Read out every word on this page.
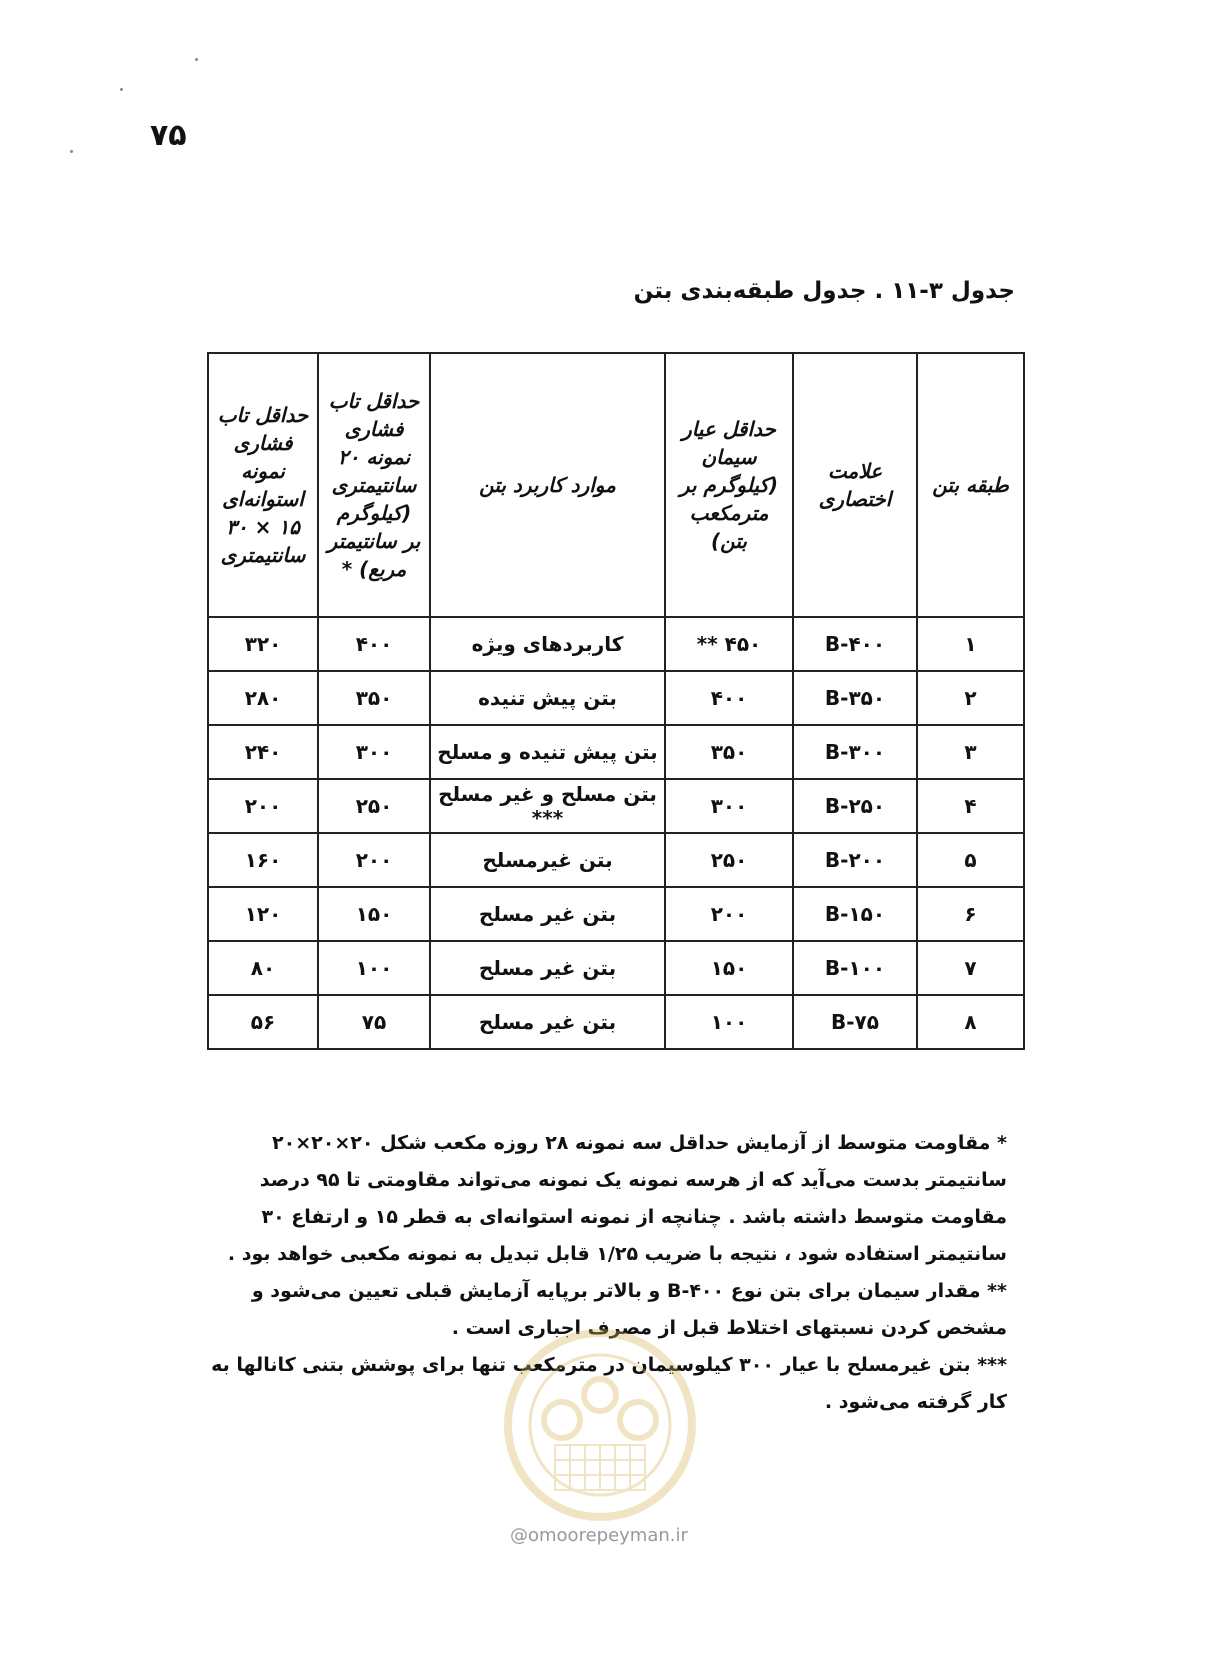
۷۵
جدول ۳-۱۱ . جدول طبقه‌بندی بتن
طبقه بتن	علامت اختصاری	حداقل عیار سیمان (کیلوگرم بر مترمکعب بتن)	موارد کاربرد بتن	حداقل تاب فشاری نمونه ۲۰ سانتیمتری (کیلوگرم بر سانتیمتر مربع) *	حداقل تاب فشاری نمونه استوانه‌ای ۱۵ × ۳۰ سانتیمتری
۱	B-۴۰۰	۴۵۰ **	کاربردهای ویژه	۴۰۰	۳۲۰
۲	B-۳۵۰	۴۰۰	بتن پیش تنیده	۳۵۰	۲۸۰
۳	B-۳۰۰	۳۵۰	بتن پیش تنیده و مسلح	۳۰۰	۲۴۰
۴	B-۲۵۰	۳۰۰	بتن مسلح و غیر مسلح ***	۲۵۰	۲۰۰
۵	B-۲۰۰	۲۵۰	بتن غیرمسلح	۲۰۰	۱۶۰
۶	B-۱۵۰	۲۰۰	بتن غیر مسلح	۱۵۰	۱۲۰
۷	B-۱۰۰	۱۵۰	بتن غیر مسلح	۱۰۰	۸۰
۸	B-۷۵	۱۰۰	بتن غیر مسلح	۷۵	۵۶

* مقاومت متوسط از آزمایش حداقل سه نمونه ۲۸ روزه مکعب شکل ۲۰×۲۰×۲۰ سانتیمتر بدست می‌آید که از هرسه نمونه یک نمونه می‌تواند مقاومتی تا ۹۵ درصد مقاومت متوسط داشته باشد . چنانچه از نمونه استوانه‌ای به قطر ۱۵ و ارتفاع ۳۰ سانتیمتر استفاده شود ، نتیجه با ضریب ۱/۲۵ قابل تبدیل به نمونه مکعبی خواهد بود .

** مقدار سیمان برای بتن نوع B-۴۰۰ و بالاتر برپایه آزمایش قبلی تعیین می‌شود و مشخص کردن نسبتهای اختلاط قبل از مصرف اجباری است .

*** بتن غیرمسلح با عیار ۳۰۰ کیلوسیمان در مترمکعب تنها برای پوشش بتنی کانالها به کار گرفته می‌شود .

@omoorepeyman.ir
